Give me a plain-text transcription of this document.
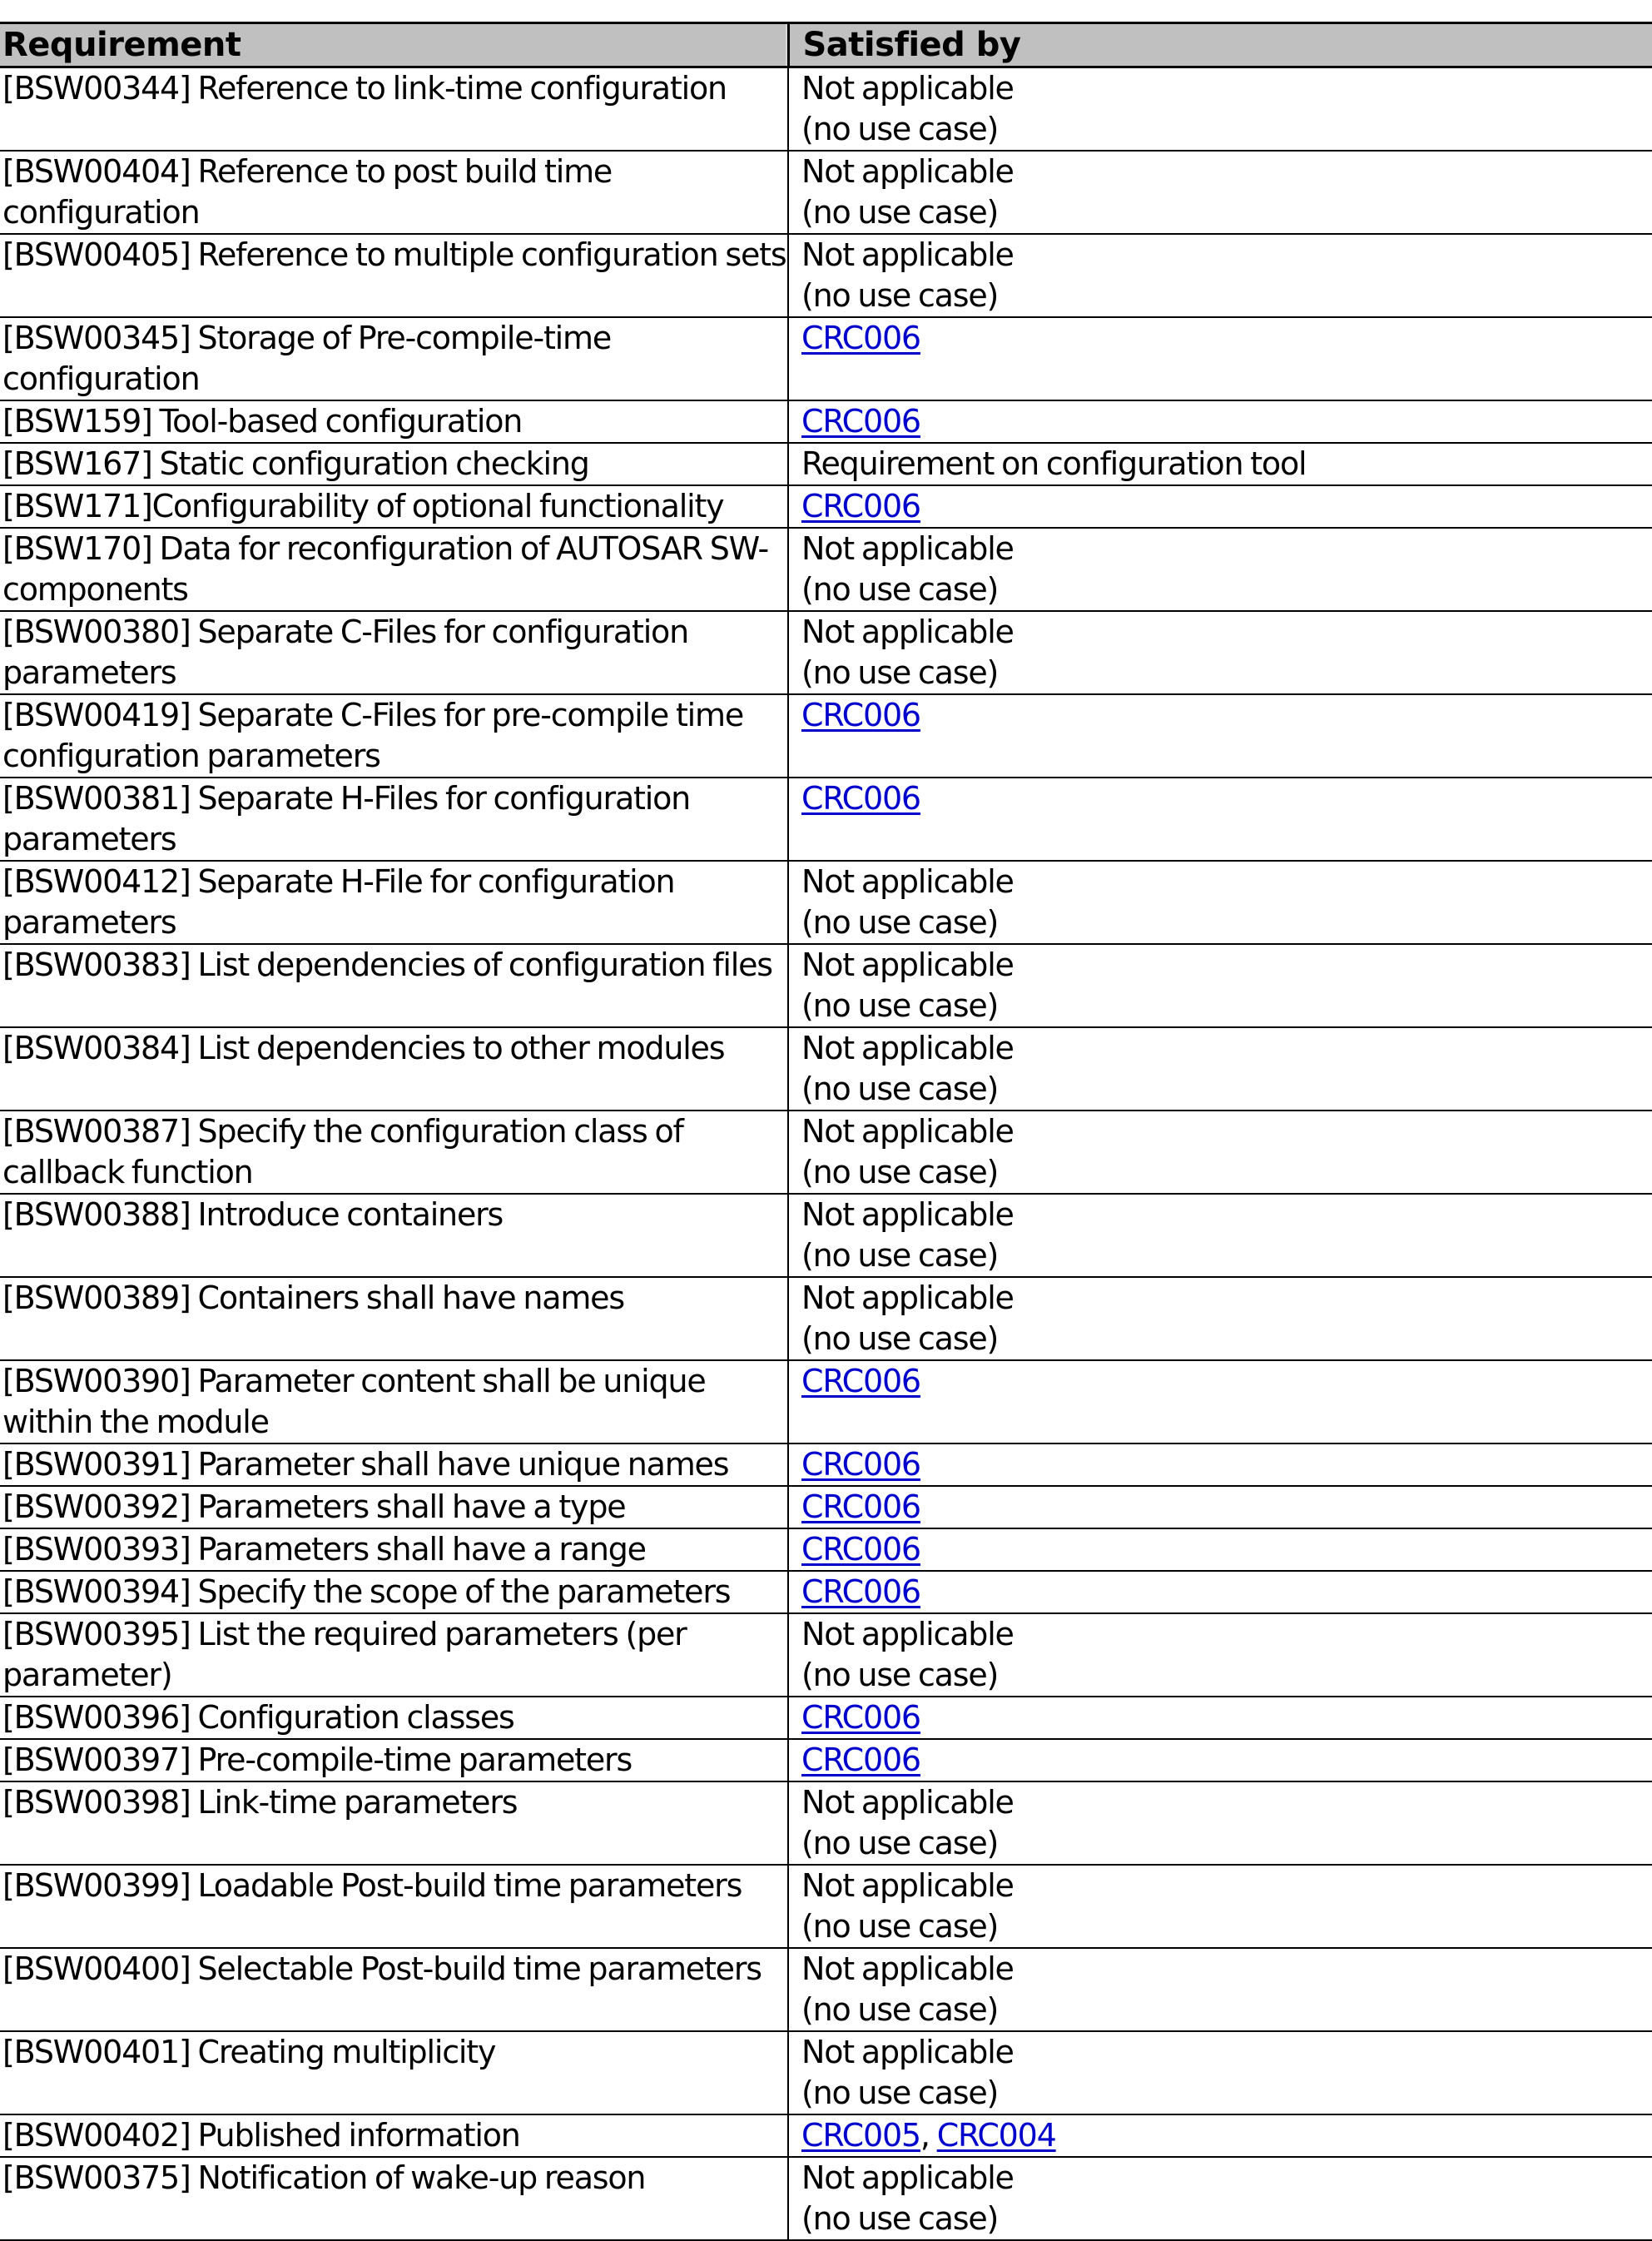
Requirement	Satisfied by
[BSW00344] Reference to link-time configuration	Not applicable
(no use case)

[BSW00404] Reference to post build time configuration	Not applicable
(no use case)

[BSW00405] Reference to multiple configuration sets	Not applicable
(no use case)

[BSW00345] Storage of Pre-compile-time configuration	CRC006

[BSW159] Tool-based configuration	CRC006

[BSW167] Static configuration checking	Requirement on configuration tool

[BSW171]Configurability of optional functionality	CRC006

[BSW170] Data for reconfiguration of AUTOSAR SW-components	Not applicable
(no use case)

[BSW00380] Separate C-Files for configuration parameters	Not applicable
(no use case)

[BSW00419] Separate C-Files for pre-compile time configuration parameters	CRC006

[BSW00381] Separate H-Files for configuration parameters	CRC006

[BSW00412] Separate H-File for configuration parameters	Not applicable
(no use case)

[BSW00383] List dependencies of configuration files	Not applicable
(no use case)

[BSW00384] List dependencies to other modules	Not applicable
(no use case)

[BSW00387] Specify the configuration class of callback function	Not applicable
(no use case)

[BSW00388] Introduce containers	Not applicable
(no use case)

[BSW00389] Containers shall have names	Not applicable
(no use case)

[BSW00390] Parameter content shall be unique within the module	CRC006

[BSW00391] Parameter shall have unique names	CRC006

[BSW00392] Parameters shall have a type	CRC006

[BSW00393] Parameters shall have a range	CRC006

[BSW00394] Specify the scope of the parameters	CRC006

[BSW00395] List the required parameters (per parameter)	Not applicable
(no use case)

[BSW00396] Configuration classes	CRC006

[BSW00397] Pre-compile-time parameters	CRC006

[BSW00398] Link-time parameters	Not applicable
(no use case)

[BSW00399] Loadable Post-build time parameters	Not applicable
(no use case)

[BSW00400] Selectable Post-build time parameters	Not applicable
(no use case)

[BSW00401] Creating multiplicity	Not applicable
(no use case)

[BSW00402] Published information	CRC005, CRC004

[BSW00375] Notification of wake-up reason	Not applicable
(no use case)
